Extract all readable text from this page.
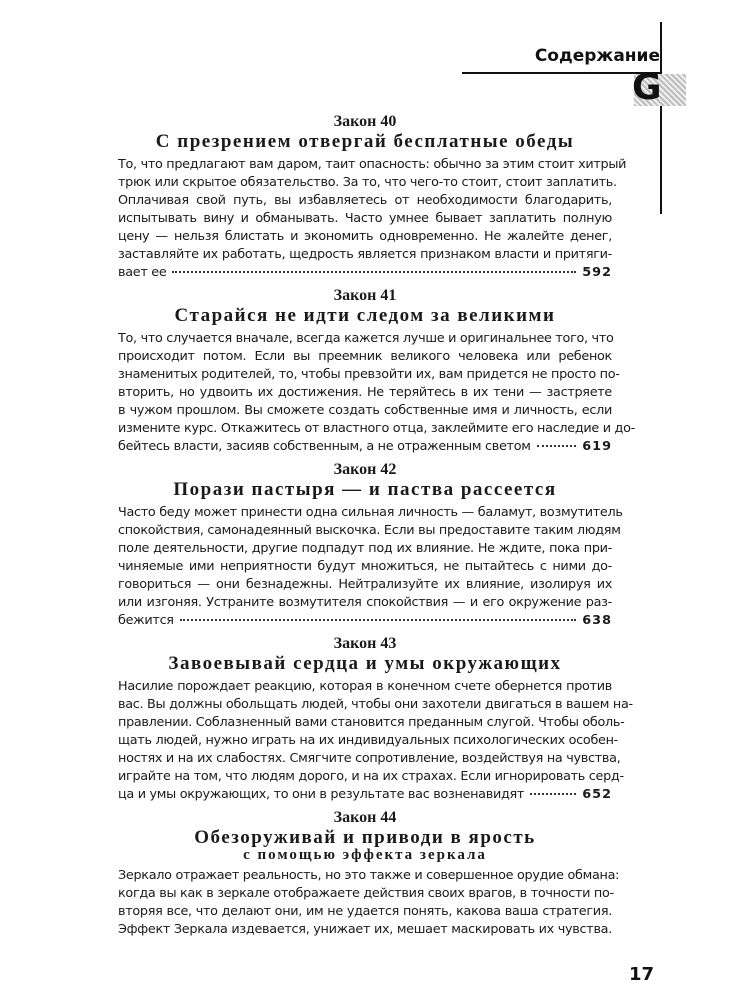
Содержание
G
Закон 40
С презрением отвергай бесплатные обеды
То, что предлагают вам даром, таит опасность: обычно за этим стоит хитрый
трюк или скрытое обязательство. За то, что чего-то стоит, стоит заплатить.
Оплачивая свой путь, вы избавляетесь от необходимости благодарить,
испытывать вину и обманывать. Часто умнее бывает заплатить полную
цену — нельзя блистать и экономить одновременно. Не жалейте денег,
заставляйте их работать, щедрость является признаком власти и притяги-
вает ее	592
Закон 41
Старайся не идти следом за великими
То, что случается вначале, всегда кажется лучше и оригинальнее того, что
происходит потом. Если вы преемник великого человека или ребенок
знаменитых родителей, то, чтобы превзойти их, вам придется не просто по-
вторить, но удвоить их достижения. Не теряйтесь в их тени — застряете
в чужом прошлом. Вы сможете создать собственные имя и личность, если
измените курс. Откажитесь от властного отца, заклеймите его наследие и до-
бейтесь власти, засияв собственным, а не отраженным светом	619
Закон 42
Порази пастыря — и паства рассеется
Часто беду может принести одна сильная личность — баламут, возмутитель
спокойствия, самонадеянный выскочка. Если вы предоставите таким людям
поле деятельности, другие подпадут под их влияние. Не ждите, пока при-
чиняемые ими неприятности будут множиться, не пытайтесь с ними до-
говориться — они безнадежны. Нейтрализуйте их влияние, изолируя их
или изгоняя. Устраните возмутителя спокойствия — и его окружение раз-
бежится	638
Закон 43
Завоевывай сердца и умы окружающих
Насилие порождает реакцию, которая в конечном счете обернется против
вас. Вы должны обольщать людей, чтобы они захотели двигаться в вашем на-
правлении. Соблазненный вами становится преданным слугой. Чтобы оболь-
щать людей, нужно играть на их индивидуальных психологических особен-
ностях и на их слабостях. Смягчите сопротивление, воздействуя на чувства,
играйте на том, что людям дорого, и на их страхах. Если игнорировать серд-
ца и умы окружающих, то они в результате вас возненавидят	652
Закон 44
Обезоруживай и приводи в ярость
с помощью эффекта зеркала
Зеркало отражает реальность, но это также и совершенное орудие обмана:
когда вы как в зеркале отображаете действия своих врагов, в точности по-
вторяя все, что делают они, им не удается понять, какова ваша стратегия.
Эффект Зеркала издевается, унижает их, мешает маскировать их чувства.
17
